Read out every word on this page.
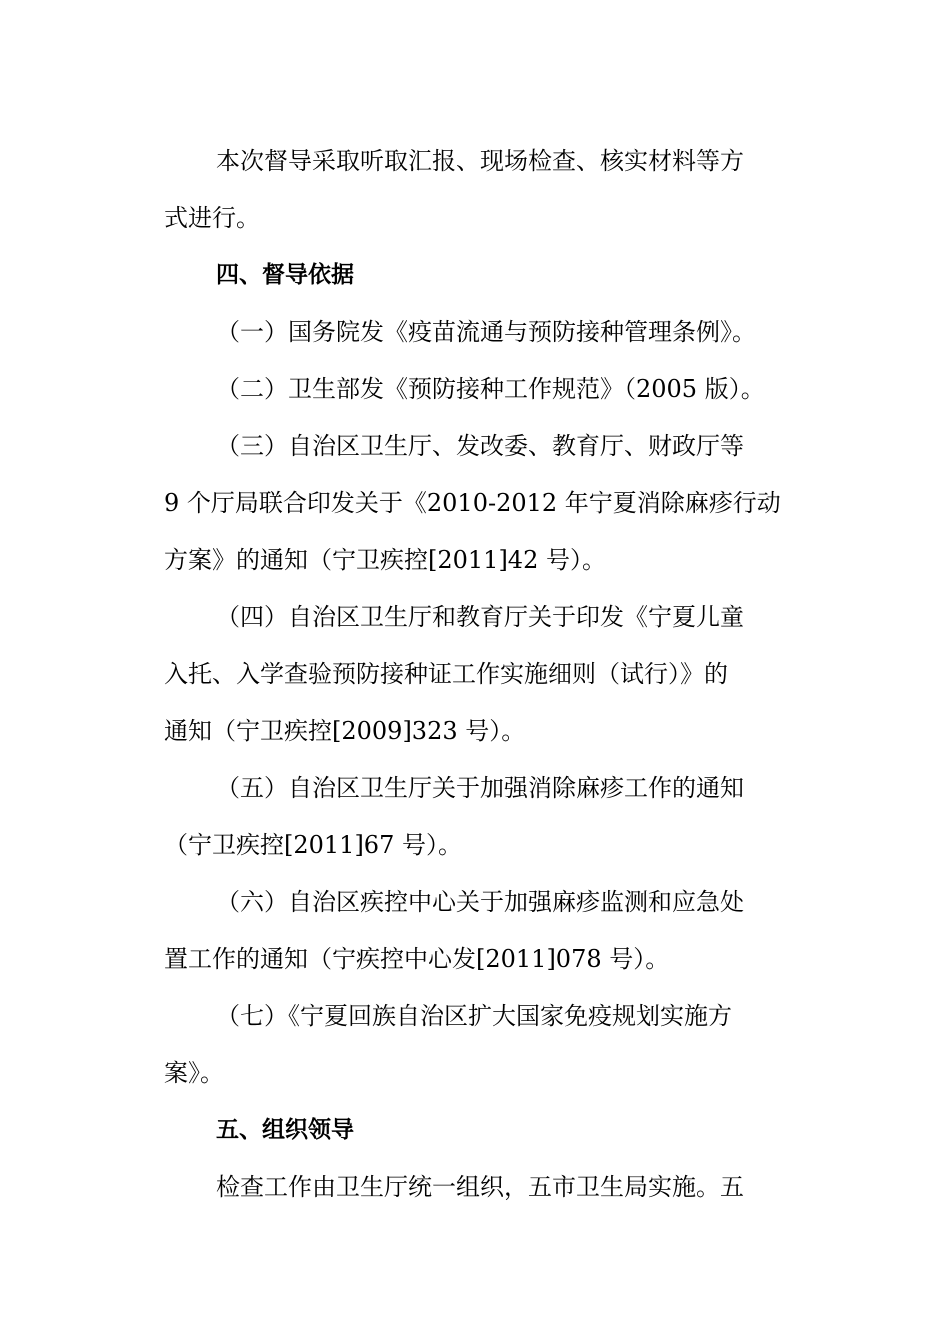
本次督导采取听取汇报、现场检查、核实材料等方
式进行。
四、督导依据
（一）国务院发《疫苗流通与预防接种管理条例》。
（二）卫生部发《预防接种工作规范》（2005 版）。
（三）自治区卫生厅、发改委、教育厅、财政厅等
9 个厅局联合印发关于《2010-2012 年宁夏消除麻疹行动
方案》的通知（宁卫疾控[2011]42 号）。
（四）自治区卫生厅和教育厅关于印发《宁夏儿童
入托、入学查验预防接种证工作实施细则（试行）》的
通知（宁卫疾控[2009]323 号）。
（五）自治区卫生厅关于加强消除麻疹工作的通知
（宁卫疾控[2011]67 号）。
（六）自治区疾控中心关于加强麻疹监测和应急处
置工作的通知（宁疾控中心发[2011]078 号）。
（七）《宁夏回族自治区扩大国家免疫规划实施方
案》。
五、组织领导
检查工作由卫生厅统一组织，五市卫生局实施。五
